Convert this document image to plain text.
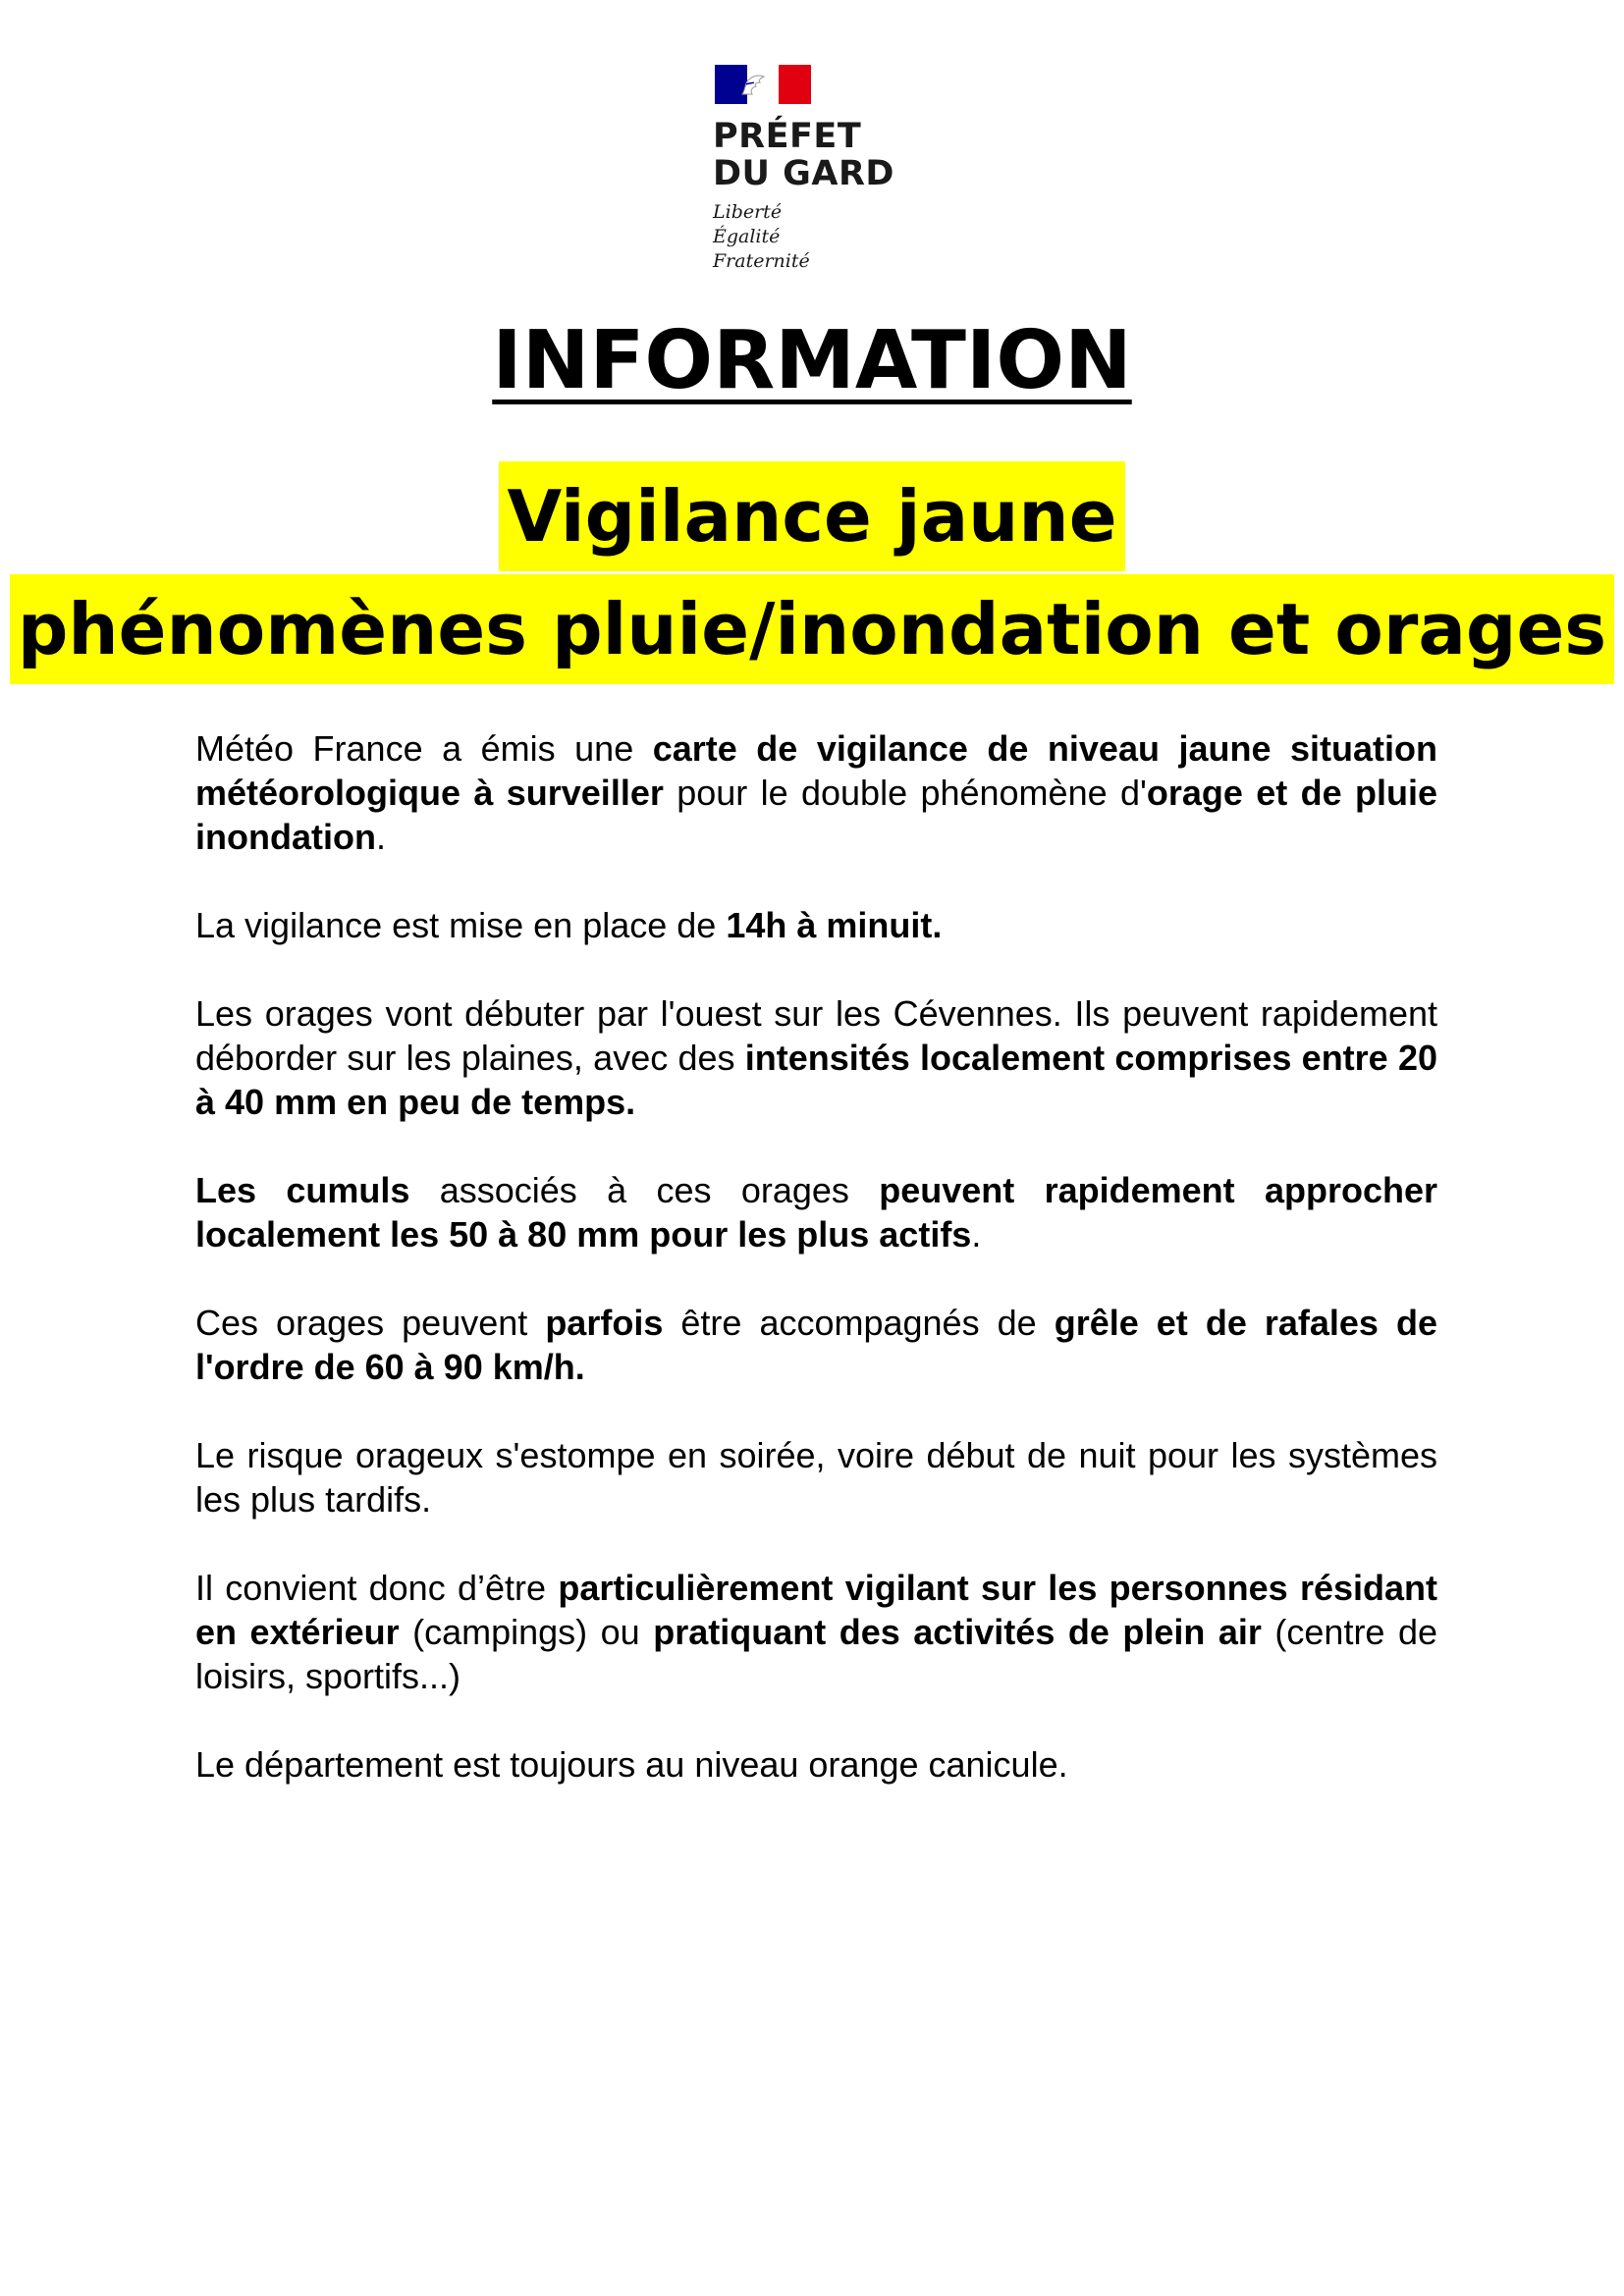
PRÉFET
DU GARD
Liberté
Égalité
Fraternité
INFORMATION
Vigilance jaune
phénomènes pluie/inondation et orages

Météo France a émis une carte de vigilance de niveau jaune situation météorologique à surveiller pour le double phénomène d'orage et de pluie inondation.

La vigilance est mise en place de 14h à minuit.

Les orages vont débuter par l'ouest sur les Cévennes. Ils peuvent rapidement déborder sur les plaines, avec des intensités localement comprises entre 20 à 40 mm en peu de temps.

Les cumuls associés à ces orages peuvent rapidement approcher localement les 50 à 80 mm pour les plus actifs.

Ces orages peuvent parfois être accompagnés de grêle et de rafales de l'ordre de 60 à 90 km/h.

Le risque orageux s'estompe en soirée, voire début de nuit pour les systèmes les plus tardifs.

Il convient donc d’être particulièrement vigilant sur les personnes résidant en extérieur (campings) ou pratiquant des activités de plein air (centre de loisirs, sportifs...)

Le département est toujours au niveau orange canicule.
